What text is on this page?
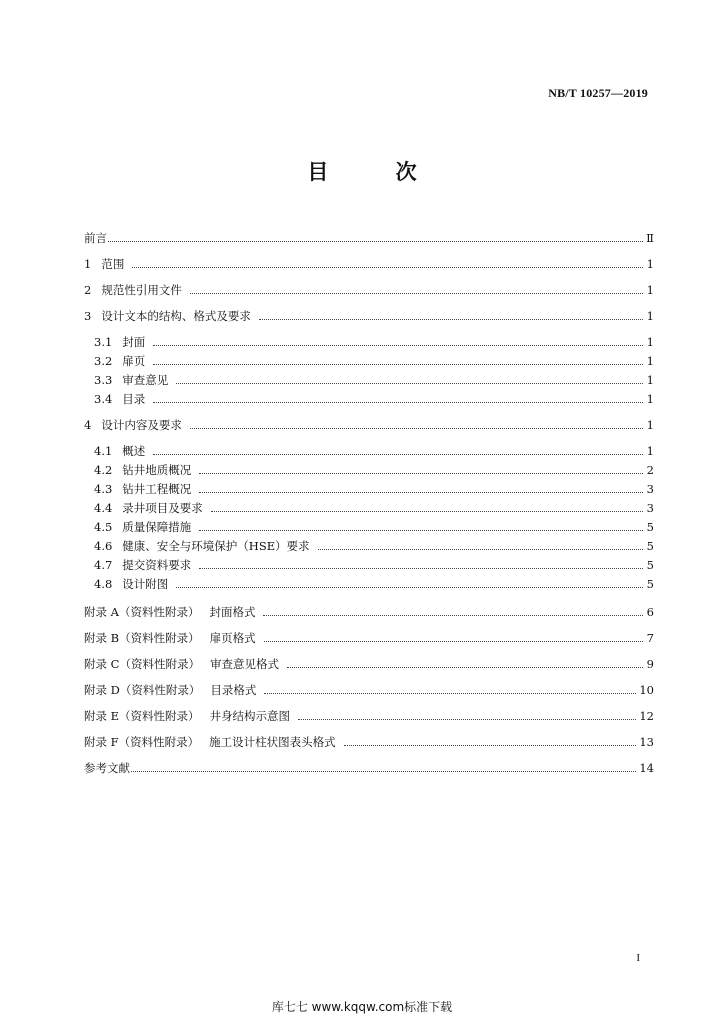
NB/T 10257—2019
目 次
前言	Ⅱ
1 范围	1
2 规范性引用文件	1
3 设计文本的结构、格式及要求	1
3.1 封面	1
3.2 扉页	1
3.3 审查意见	1
3.4 目录	1
4 设计内容及要求	1
4.1 概述	1
4.2 钻井地质概况	2
4.3 钻井工程概况	3
4.4 录井项目及要求	3
4.5 质量保障措施	5
4.6 健康、安全与环境保护（HSE）要求	5
4.7 提交资料要求	5
4.8 设计附图	5
附录 A（资料性附录） 封面格式	6
附录 B（资料性附录） 扉页格式	7
附录 C（资料性附录） 审查意见格式	9
附录 D（资料性附录） 目录格式	10
附录 E（资料性附录） 井身结构示意图	12
附录 F（资料性附录） 施工设计柱状图表头格式	13
参考文献	14
I
库七七 www.kqqw.com标准下载
